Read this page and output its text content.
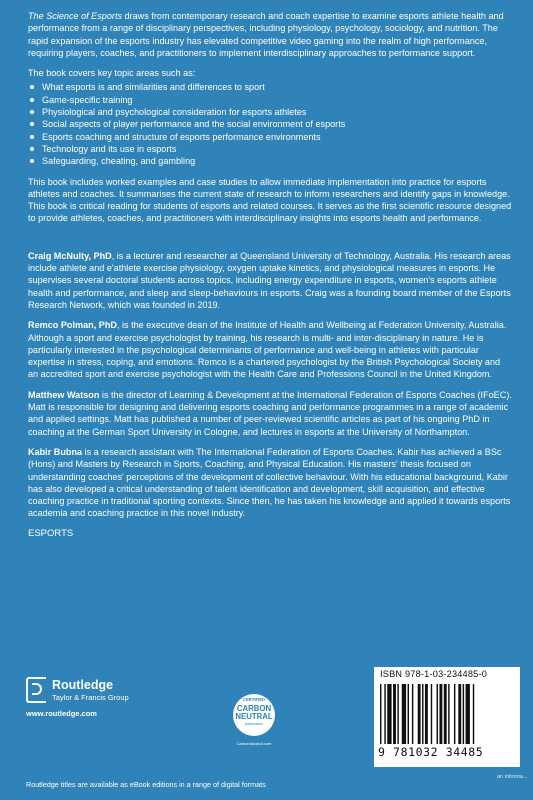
The Science of Esports draws from contemporary research and coach expertise to examine esports athlete health and performance from a range of disciplinary perspectives, including physiology, psychology, sociology, and nutrition. The rapid expansion of the esports industry has elevated competitive video gaming into the realm of high performance, requiring players, coaches, and practitioners to implement interdisciplinary approaches to performance support.

The book covers key topic areas such as:

What esports is and similarities and differences to sport
Game-specific training
Physiological and psychological consideration for esports athletes
Social aspects of player performance and the social environment of esports
Esports coaching and structure of esports performance environments
Technology and its use in esports
Safeguarding, cheating, and gambling

This book includes worked examples and case studies to allow immediate implementation into practice for esports athletes and coaches. It summarises the current state of research to inform researchers and identify gaps in knowledge. This book is critical reading for students of esports and related courses. It serves as the first scientific resource designed to provide athletes, coaches, and practitioners with interdisciplinary insights into esports health and performance.

Craig McNulty, PhD, is a lecturer and researcher at Queensland University of Technology, Australia. His research areas include athlete and e'athlete exercise physiology, oxygen uptake kinetics, and physiological measures in esports. He supervises several doctoral students across topics, including energy expenditure in esports, women's esports athlete health and performance, and sleep and sleep-behaviours in esports. Craig was a founding board member of the Esports Research Network, which was founded in 2019.

Remco Polman, PhD, is the executive dean of the Institute of Health and Wellbeing at Federation University, Australia. Although a sport and exercise psychologist by training, his research is multi- and inter-disciplinary in nature. He is particularly interested in the psychological determinants of performance and well-being in athletes with particular expertise in stress, coping, and emotions. Remco is a chartered psychologist by the British Psychological Society and an accredited sport and exercise psychologist with the Health Care and Professions Council in the United Kingdom.

Matthew Watson is the director of Learning & Development at the International Federation of Esports Coaches (IFoEC). Matt is responsible for designing and delivering esports coaching and performance programmes in a range of academic and applied settings. Matt has published a number of peer-reviewed scientific articles as part of his ongoing PhD in coaching at the German Sport University in Cologne, and lectures in esports at the University of Northampton.

Kabir Bubna is a research assistant with The International Federation of Esports Coaches. Kabir has achieved a BSc (Hons) and Masters by Research in Sports, Coaching, and Physical Education. His masters' thesis focused on understanding coaches' perceptions of the development of collective behaviour. With his educational background, Kabir has also developed a critical understanding of talent identification and development, skill acquisition, and effective coaching practice in traditional sporting contexts. Since then, he has taken his knowledge and applied it towards esports academia and coaching practice in this novel industry.

ESPORTS

Routledge
Taylor & Francis Group
www.routledge.com
CERTIFIED
CARBON NEUTRAL
publication
CarbonNeutral.com
ISBN 978-1-03-234485-0
9 781032 34485
an informa...
Routledge titles are available as eBook editions in a range of digital formats
